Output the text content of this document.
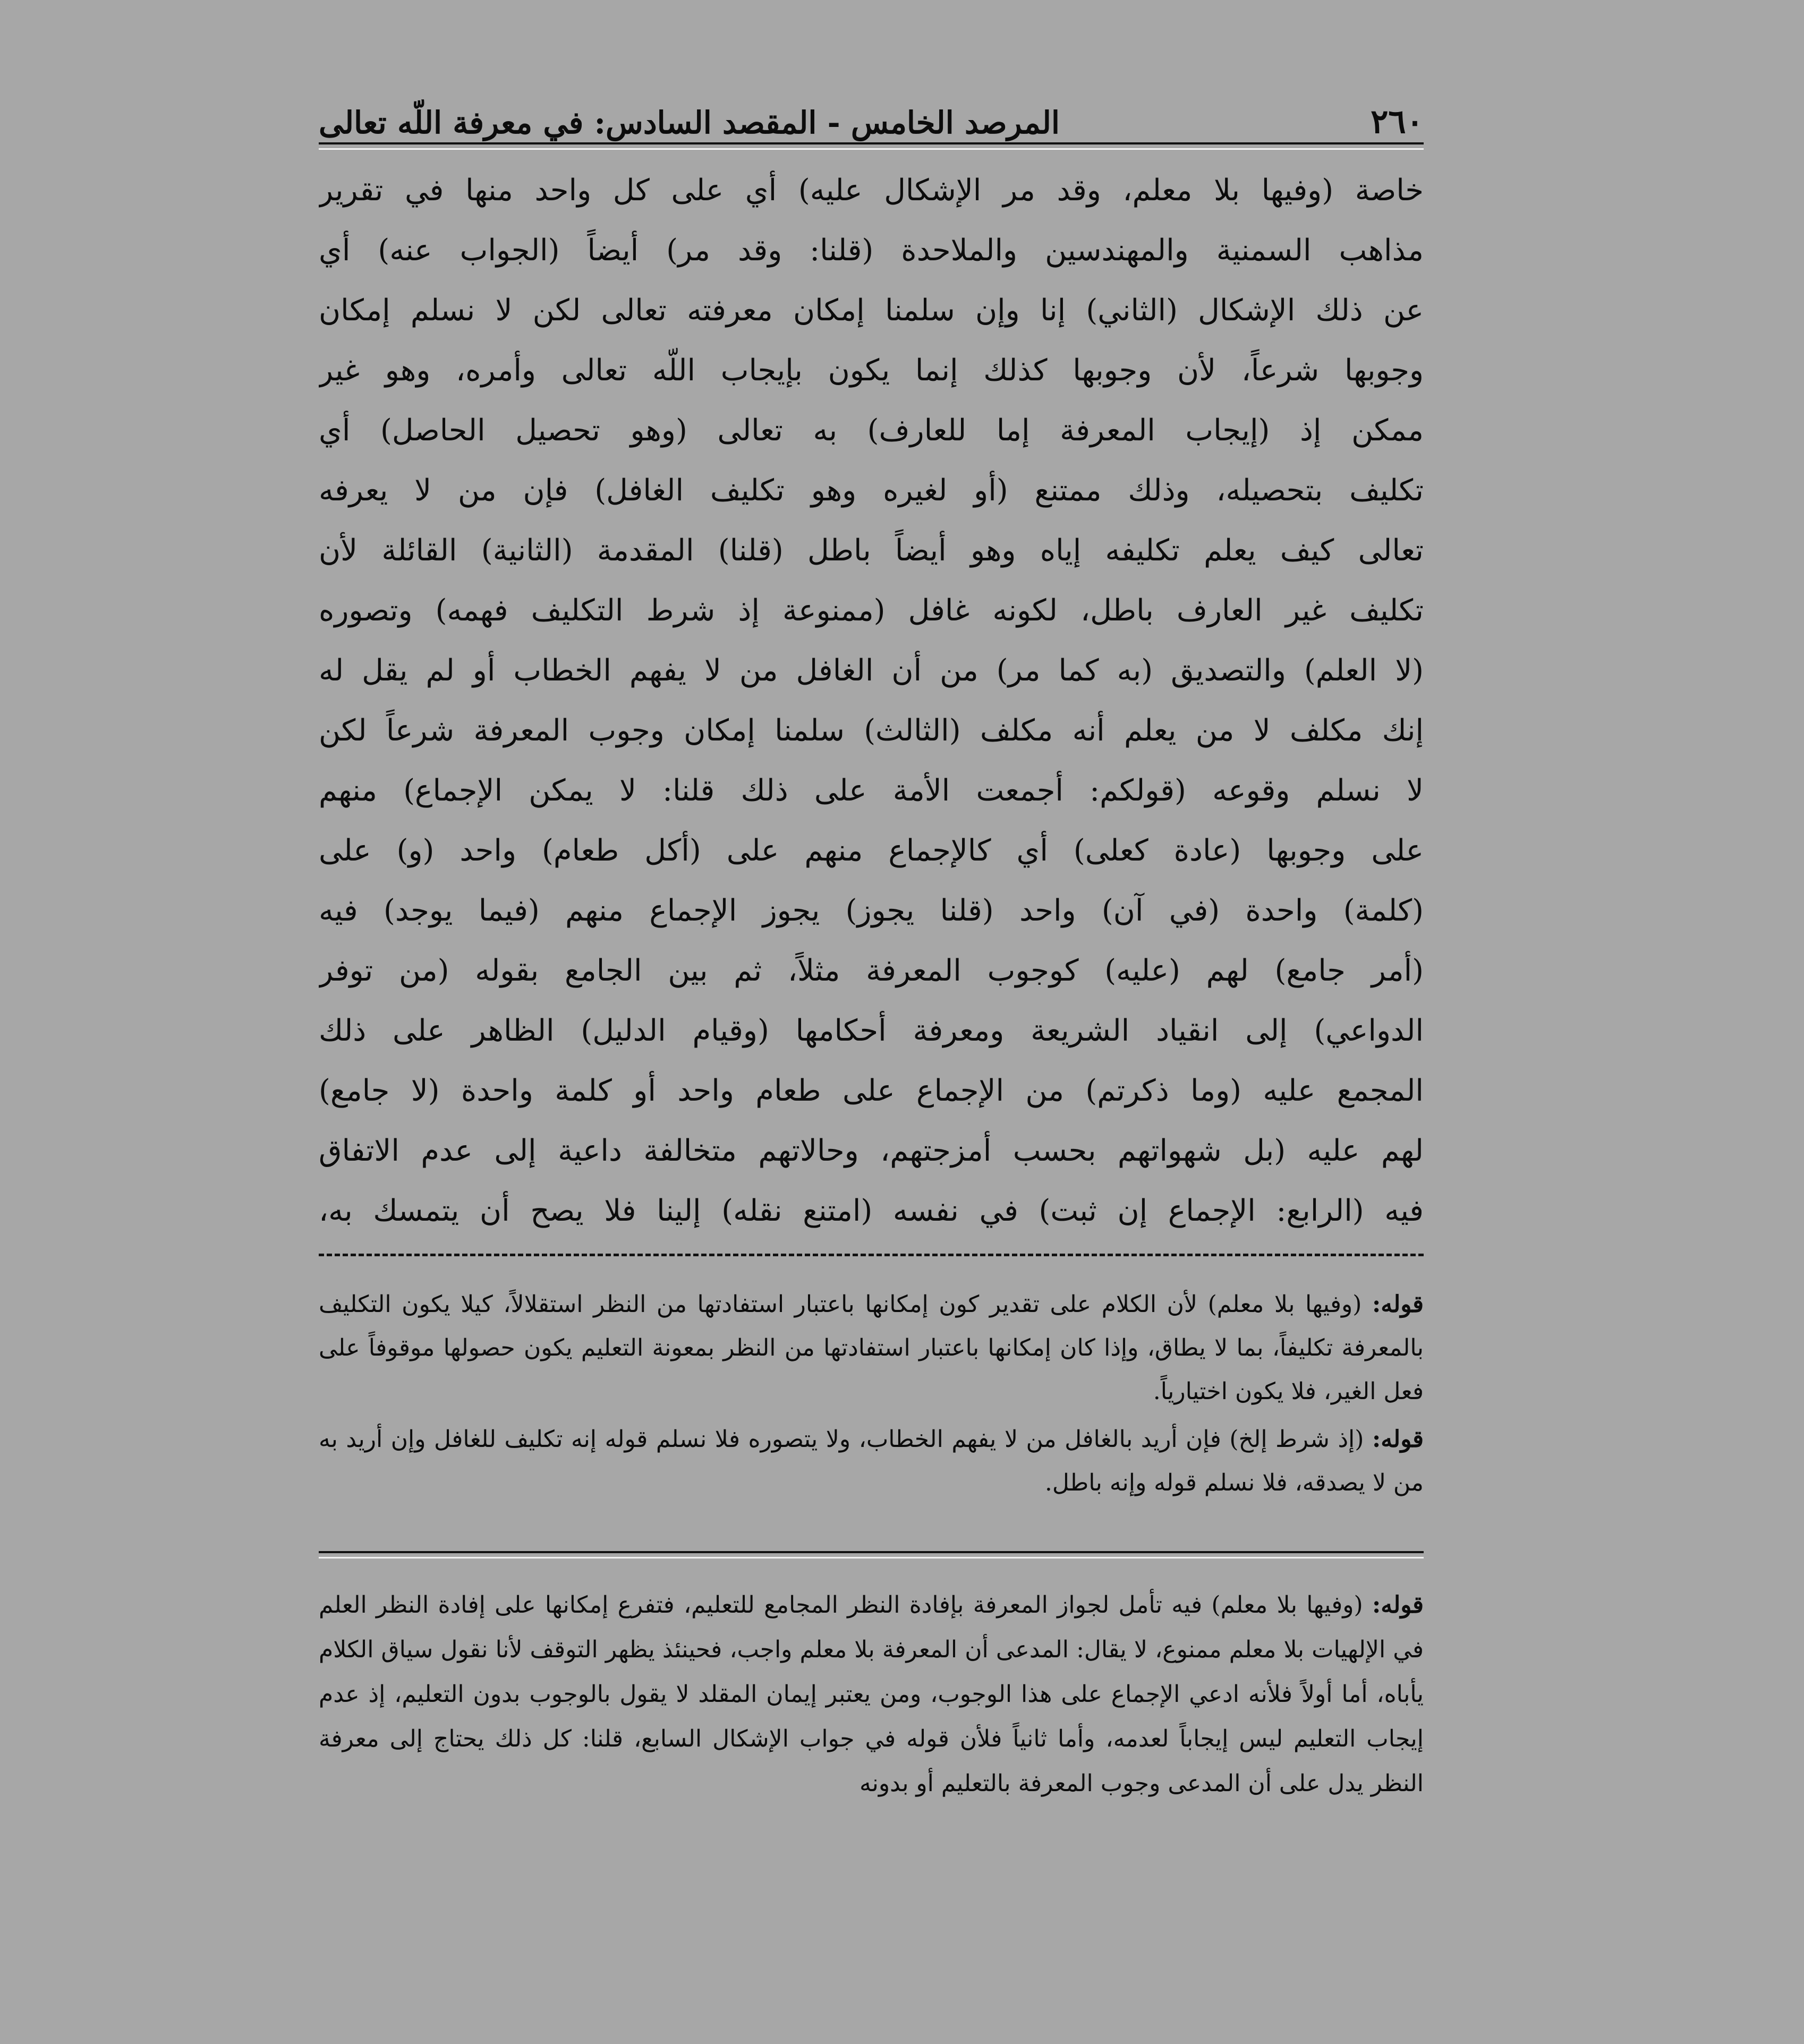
٢٦٠
المرصد الخامس - المقصد السادس: في معرفة اللّه تعالى
خاصة (وفيها بلا معلم، وقد مر الإشكال عليه) أي على كل واحد منها في تقرير
مذاهب السمنية والمهندسين والملاحدة (قلنا: وقد مر) أيضاً (الجواب عنه) أي
عن ذلك الإشكال (الثاني) إنا وإن سلمنا إمكان معرفته تعالى لكن لا نسلم إمكان
وجوبها شرعاً، لأن وجوبها كذلك إنما يكون بإيجاب اللّه تعالى وأمره، وهو غير
ممكن إذ (إيجاب المعرفة إما للعارف) به تعالى (وهو تحصيل الحاصل) أي
تكليف بتحصيله، وذلك ممتنع (أو لغيره وهو تكليف الغافل) فإن من لا يعرفه
تعالى كيف يعلم تكليفه إياه وهو أيضاً باطل (قلنا) المقدمة (الثانية) القائلة لأن
تكليف غير العارف باطل، لكونه غافل (ممنوعة إذ شرط التكليف فهمه) وتصوره
(لا العلم) والتصديق (به كما مر) من أن الغافل من لا يفهم الخطاب أو لم يقل له
إنك مكلف لا من يعلم أنه مكلف (الثالث) سلمنا إمكان وجوب المعرفة شرعاً لكن
لا نسلم وقوعه (قولكم: أجمعت الأمة على ذلك قلنا: لا يمكن الإجماع) منهم
على وجوبها (عادة كعلى) أي كالإجماع منهم على (أكل طعام) واحد (و) على
(كلمة) واحدة (في آن) واحد (قلنا يجوز) يجوز الإجماع منهم (فيما يوجد) فيه
(أمر جامع) لهم (عليه) كوجوب المعرفة مثلاً، ثم بين الجامع بقوله (من توفر
الدواعي) إلى انقياد الشريعة ومعرفة أحكامها (وقيام الدليل) الظاهر على ذلك
المجمع عليه (وما ذكرتم) من الإجماع على طعام واحد أو كلمة واحدة (لا جامع)
لهم عليه (بل شهواتهم بحسب أمزجتهم، وحالاتهم متخالفة داعية إلى عدم الاتفاق
فيه (الرابع: الإجماع إن ثبت) في نفسه (امتنع نقله) إلينا فلا يصح أن يتمسك به،

قوله: (وفيها بلا معلم) لأن الكلام على تقدير كون إمكانها باعتبار استفادتها من النظر استقلالاً، كيلا يكون التكليف بالمعرفة تكليفاً، بما لا يطاق، وإذا كان إمكانها باعتبار استفادتها من النظر بمعونة التعليم يكون حصولها موقوفاً على فعل الغير، فلا يكون اختيارياً.

قوله: (إذ شرط إلخ) فإن أريد بالغافل من لا يفهم الخطاب، ولا يتصوره فلا نسلم قوله إنه تكليف للغافل وإن أريد به من لا يصدقه، فلا نسلم قوله وإنه باطل.

قوله: (وفيها بلا معلم) فيه تأمل لجواز المعرفة بإفادة النظر المجامع للتعليم، فتفرع إمكانها على إفادة النظر العلم في الإلهيات بلا معلم ممنوع، لا يقال: المدعى أن المعرفة بلا معلم واجب، فحينئذ يظهر التوقف لأنا نقول سياق الكلام يأباه، أما أولاً فلأنه ادعي الإجماع على هذا الوجوب، ومن يعتبر إيمان المقلد لا يقول بالوجوب بدون التعليم، إذ عدم إيجاب التعليم ليس إيجاباً لعدمه، وأما ثانياً فلأن قوله في جواب الإشكال السابع، قلنا: كل ذلك يحتاج إلى معرفة النظر يدل على أن المدعى وجوب المعرفة بالتعليم أو بدونه
